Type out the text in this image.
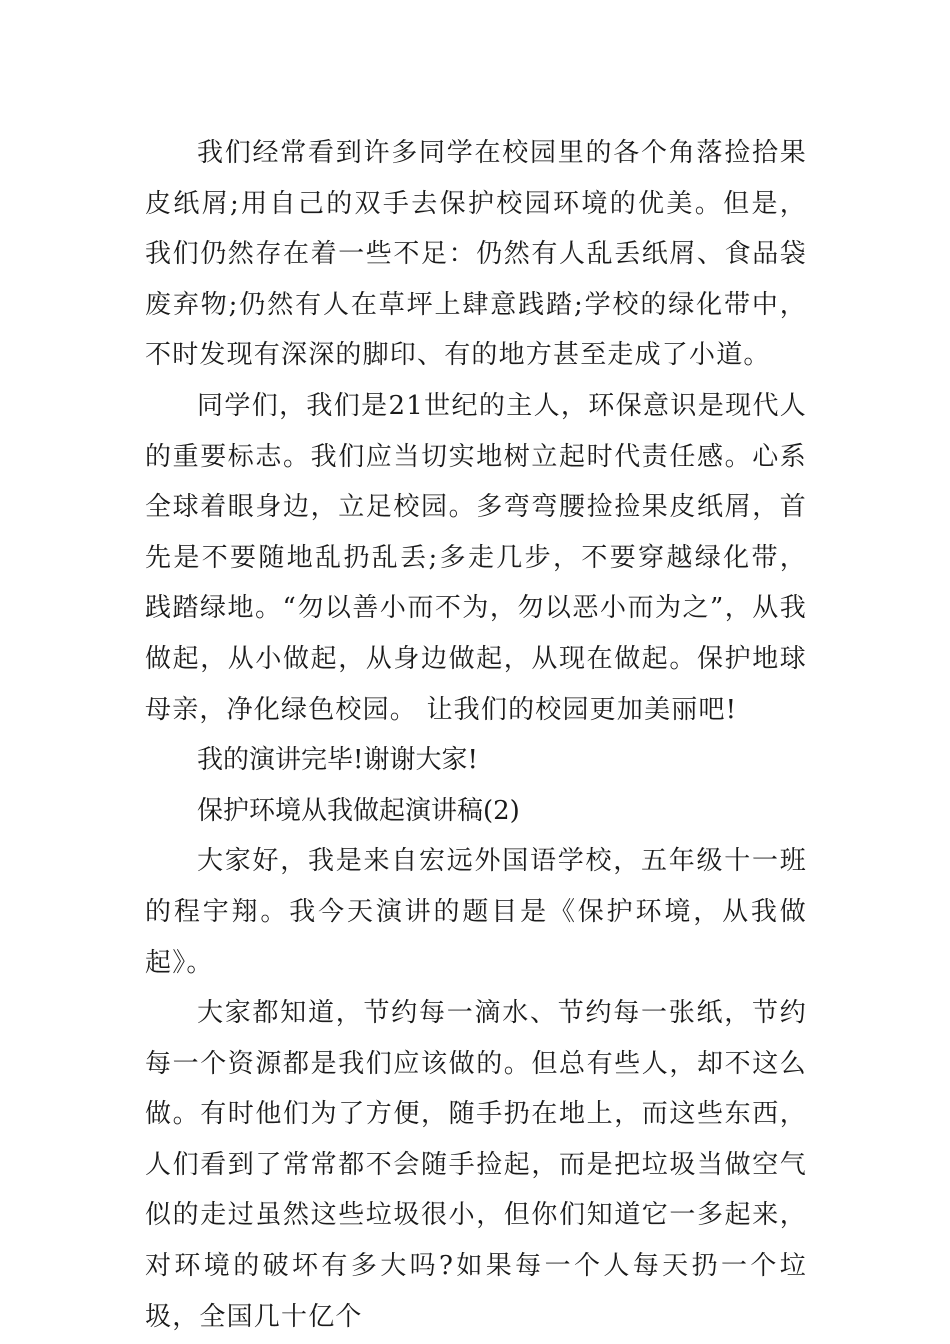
我们经常看到许多同学在校园里的各个角落捡拾果皮纸屑;用自己的双手去保护校园环境的优美。但是，我们仍然存在着一些不足：仍然有人乱丢纸屑、食品袋废弃物;仍然有人在草坪上肆意践踏;学校的绿化带中，不时发现有深深的脚印、有的地方甚至走成了小道。

同学们，我们是21世纪的主人，环保意识是现代人的重要标志。我们应当切实地树立起时代责任感。心系全球着眼身边，立足校园。多弯弯腰捡捡果皮纸屑，首先是不要随地乱扔乱丢;多走几步，不要穿越绿化带，践踏绿地。“勿以善小而不为，勿以恶小而为之”，从我做起，从小做起，从身边做起，从现在做起。保护地球母亲，净化绿色校园。 让我们的校园更加美丽吧!

我的演讲完毕!谢谢大家!

保护环境从我做起演讲稿(2)

大家好，我是来自宏远外国语学校，五年级十一班的程宇翔。我今天演讲的题目是《保护环境，从我做起》。

大家都知道，节约每一滴水、节约每一张纸，节约每一个资源都是我们应该做的。但总有些人，却不这么做。有时他们为了方便，随手扔在地上，而这些东西，人们看到了常常都不会随手捡起，而是把垃圾当做空气似的走过虽然这些垃圾很小，但你们知道它一多起来，对环境的破坏有多大吗?如果每一个人每天扔一个垃圾，全国几十亿个
